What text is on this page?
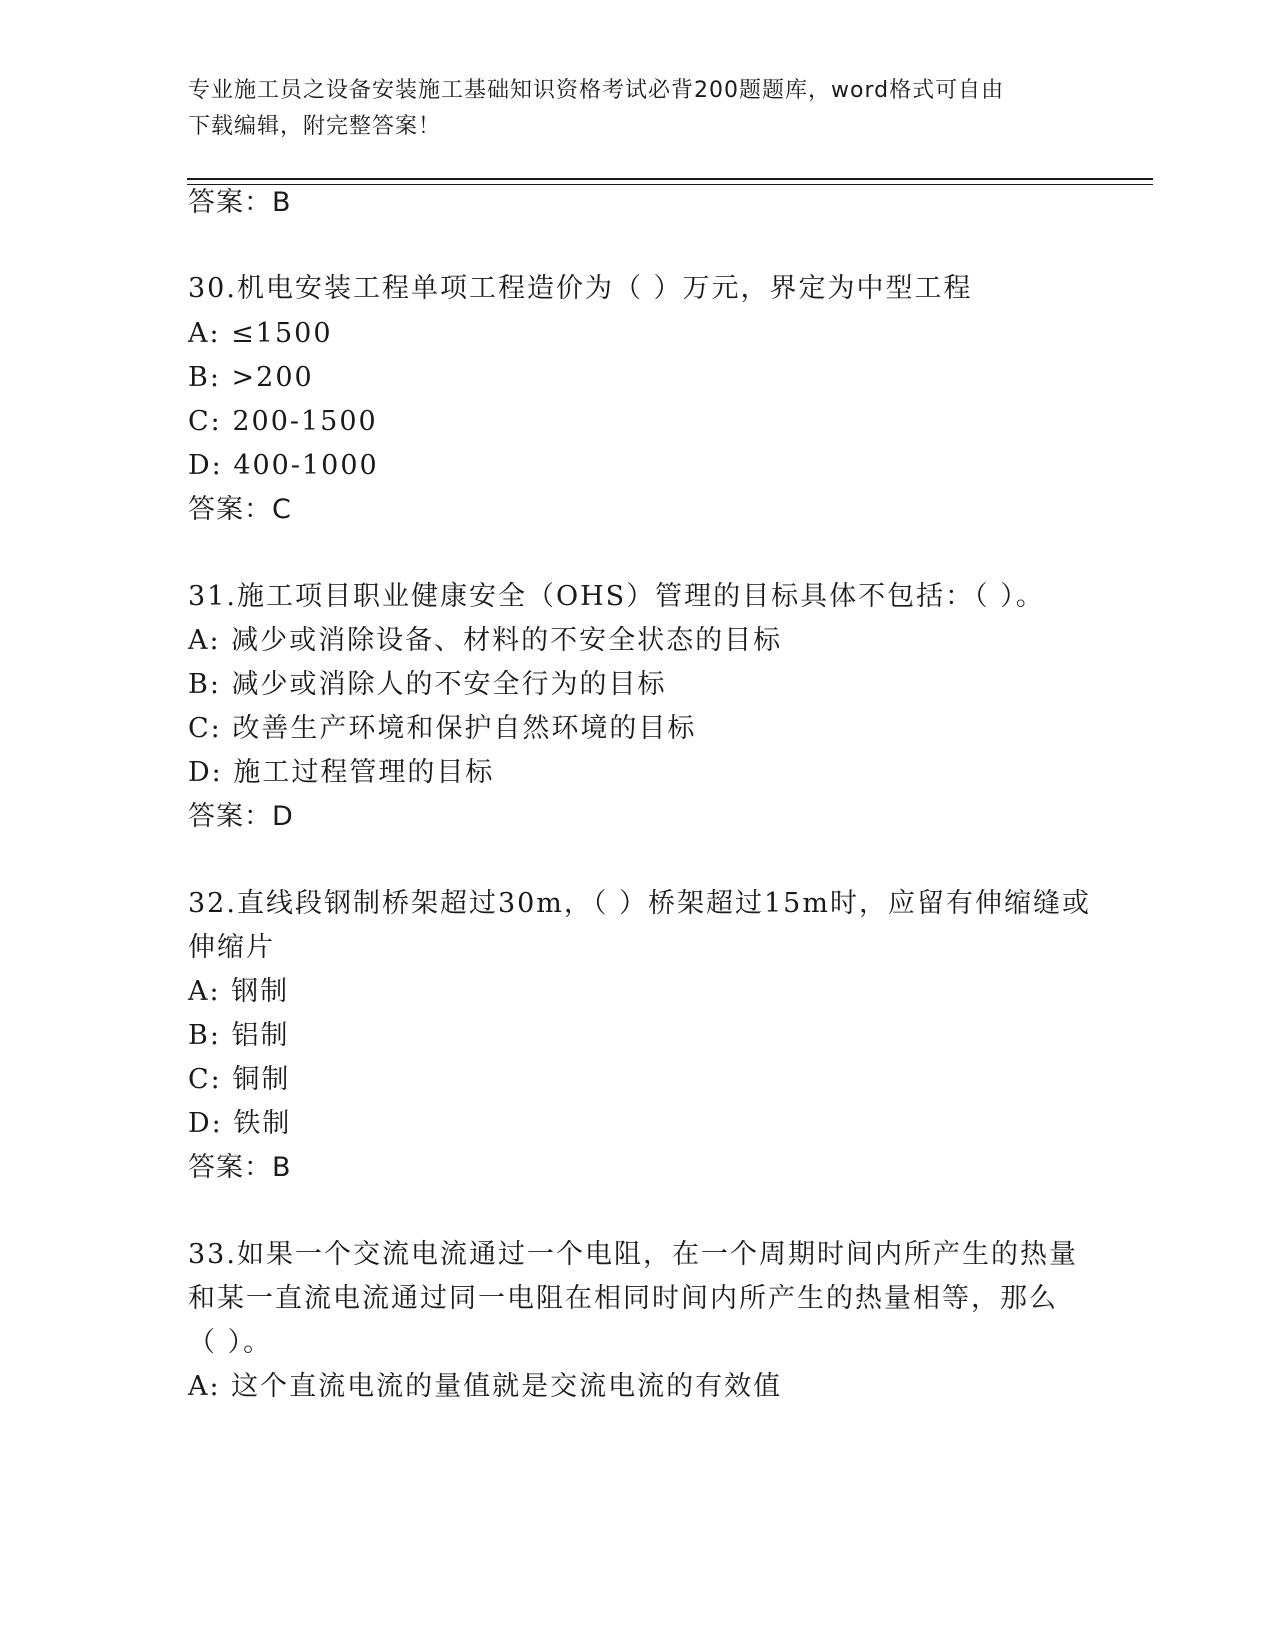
专业施工员之设备安装施工基础知识资格考试必背200题题库，word格式可自由
下载编辑，附完整答案！
答案：B
30.机电安装工程单项工程造价为（ ）万元，界定为中型工程
A: ≤1500
B: >200
C: 200-1500
D: 400-1000
答案：C
31.施工项目职业健康安全（OHS）管理的目标具体不包括：（ ）。
A: 减少或消除设备、材料的不安全状态的目标
B: 减少或消除人的不安全行为的目标
C: 改善生产环境和保护自然环境的目标
D: 施工过程管理的目标
答案：D
32.直线段钢制桥架超过30m，（ ）桥架超过15m时，应留有伸缩缝或
伸缩片
A: 钢制
B: 铝制
C: 铜制
D: 铁制
答案：B
33.如果一个交流电流通过一个电阻，在一个周期时间内所产生的热量
和某一直流电流通过同一电阻在相同时间内所产生的热量相等，那么
（ ）。
A: 这个直流电流的量值就是交流电流的有效值
